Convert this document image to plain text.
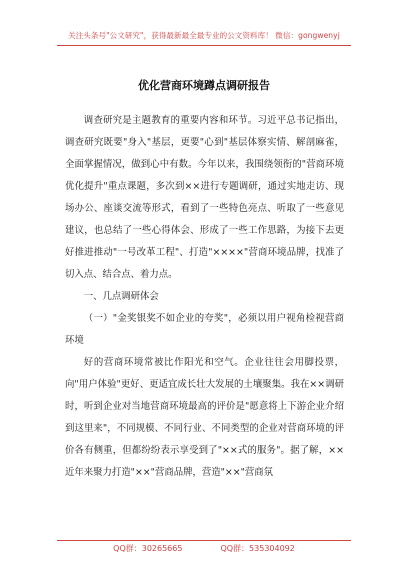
关注头条号"公文研究"，获得最新最全最专业的公文资料库！ 微信：gongwenyj
优化营商环境蹲点调研报告

调查研究是主题教育的重要内容和环节。习近平总书记指出，调查研究既要"身入"基层，更要"心到"基层体察实情、解剖麻雀，全面掌握情况，做到心中有数。今年以来，我围绕领衔的"营商环境优化提升"重点课题，多次到××进行专题调研，通过实地走访、现场办公、座谈交流等形式，看到了一些特色亮点、听取了一些意见建议，也总结了一些心得体会、形成了一些工作思路，为接下去更好推进推动"一号改革工程"、打造"××××"营商环境品牌，找准了切入点、结合点、着力点。

一、几点调研体会

（一）"金奖银奖不如企业的夸奖"，必须以用户视角检视营商环境

好的营商环境常被比作阳光和空气。企业往往会用脚投票，向"用户体验"更好、更适宜成长壮大发展的土壤聚集。我在××调研时，听到企业对当地营商环境最高的评价是"愿意将上下游企业介绍到这里来"，不同规模、不同行业、不同类型的企业对营商环境的评价各有侧重，但都纷纷表示享受到了"××式的服务"。据了解，××近年来聚力打造"××"营商品牌，营造"××"营商氛

QQ群：30265665	QQ群：535304092
